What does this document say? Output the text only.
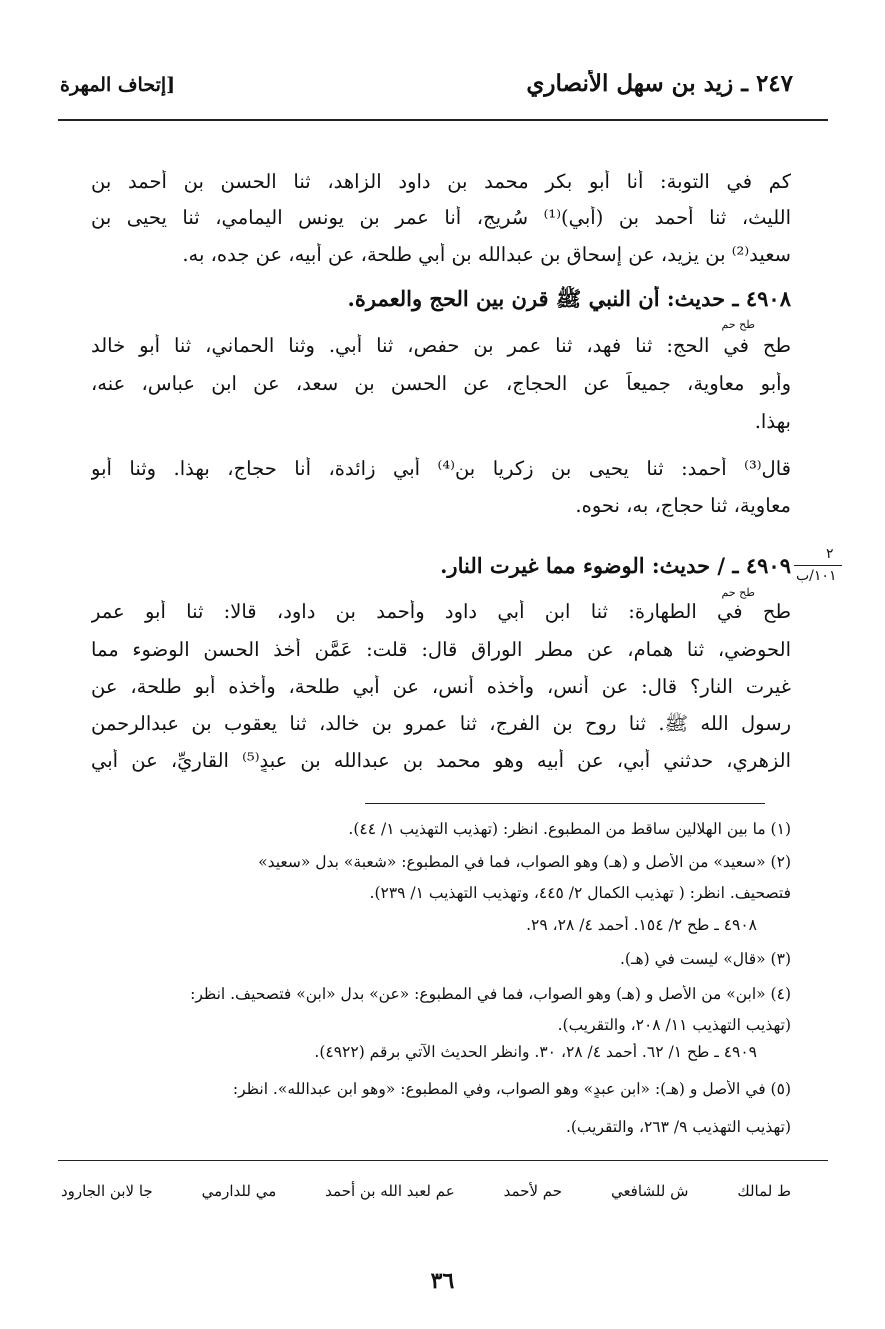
٢٤٧ ـ زيد بن سهل الأنصاري
[إتحاف المهرة
كم في التوبة: أنا أبو بكر محمد بن داود الزاهد، ثنا الحسن بن أحمد بن
الليث، ثنا أحمد بن (أبي)⁽¹⁾ سُريج، أنا عمر بن يونس اليمامي، ثنا يحيى بن
سعيد⁽²⁾ بن يزيد، عن إسحاق بن عبدالله بن أبي طلحة، عن أبيه، عن جده، به.
٤٩٠٨ ـ حديث: أن النبي ﷺ قرن بين الحج والعمرة.
طح حم
طح في الحج: ثنا فهد، ثنا عمر بن حفص، ثنا أبي. وثنا الحماني، ثنا أبو خالد
وأبو معاوية، جميعاً عن الحجاج، عن الحسن بن سعد، عن ابن عباس، عنه،
بهذا.
قال⁽³⁾ أحمد: ثنا يحيى بن زكريا بن⁽⁴⁾ أبي زائدة، أنا حجاج، بهذا. وثنا أبو
معاوية، ثنا حجاج، به، نحوه.
٢
١٠١/ب
٤٩٠٩ ـ / حديث: الوضوء مما غيرت النار.
طح حم
طح في الطهارة: ثنا ابن أبي داود وأحمد بن داود، قالا: ثنا أبو عمر
الحوضي، ثنا همام، عن مطر الوراق قال: قلت: عَمَّن أخذ الحسن الوضوء مما
غيرت النار؟ قال: عن أنس، وأخذه أنس، عن أبي طلحة، وأخذه أبو طلحة، عن
رسول الله ﷺ. ثنا روح بن الفرج، ثنا عمرو بن خالد، ثنا يعقوب بن عبدالرحمن
الزهري، حدثني أبي، عن أبيه وهو محمد بن عبدالله بن عبدٍ⁽⁵⁾ القاريِّ، عن أبي
(١) ما بين الهلالين ساقط من المطبوع. انظر: (تهذيب التهذيب ١/ ٤٤).
(٢) «سعيد» من الأصل و (هـ) وهو الصواب، فما في المطبوع: «شعبة» بدل «سعيد»
فتصحيف. انظر: ( تهذيب الكمال ٢/ ٤٤٥، وتهذيب التهذيب ١/ ٢٣٩).
٤٩٠٨ ـ طح ٢/ ١٥٤. أحمد ٤/ ٢٨، ٢٩.
(٣) «قال» ليست في (هـ).
(٤) «ابن» من الأصل و (هـ) وهو الصواب، فما في المطبوع: «عن» بدل «ابن» فتصحيف. انظر:
(تهذيب التهذيب ١١/ ٢٠٨، والتقريب).
٤٩٠٩ ـ طح ١/ ٦٢. أحمد ٤/ ٢٨، ٣٠. وانظر الحديث الآتي برقم (٤٩٢٢).
(٥) في الأصل و (هـ): «ابن عبدٍ» وهو الصواب، وفي المطبوع: «وهو ابن عبدالله». انظر:
(تهذيب التهذيب ٩/ ٢٦٣، والتقريب).
ط لمالك
ش للشافعي
حم لأحمد
عم لعبد الله بن أحمد
مي للدارمي
جا لابن الجارود
٣٦
